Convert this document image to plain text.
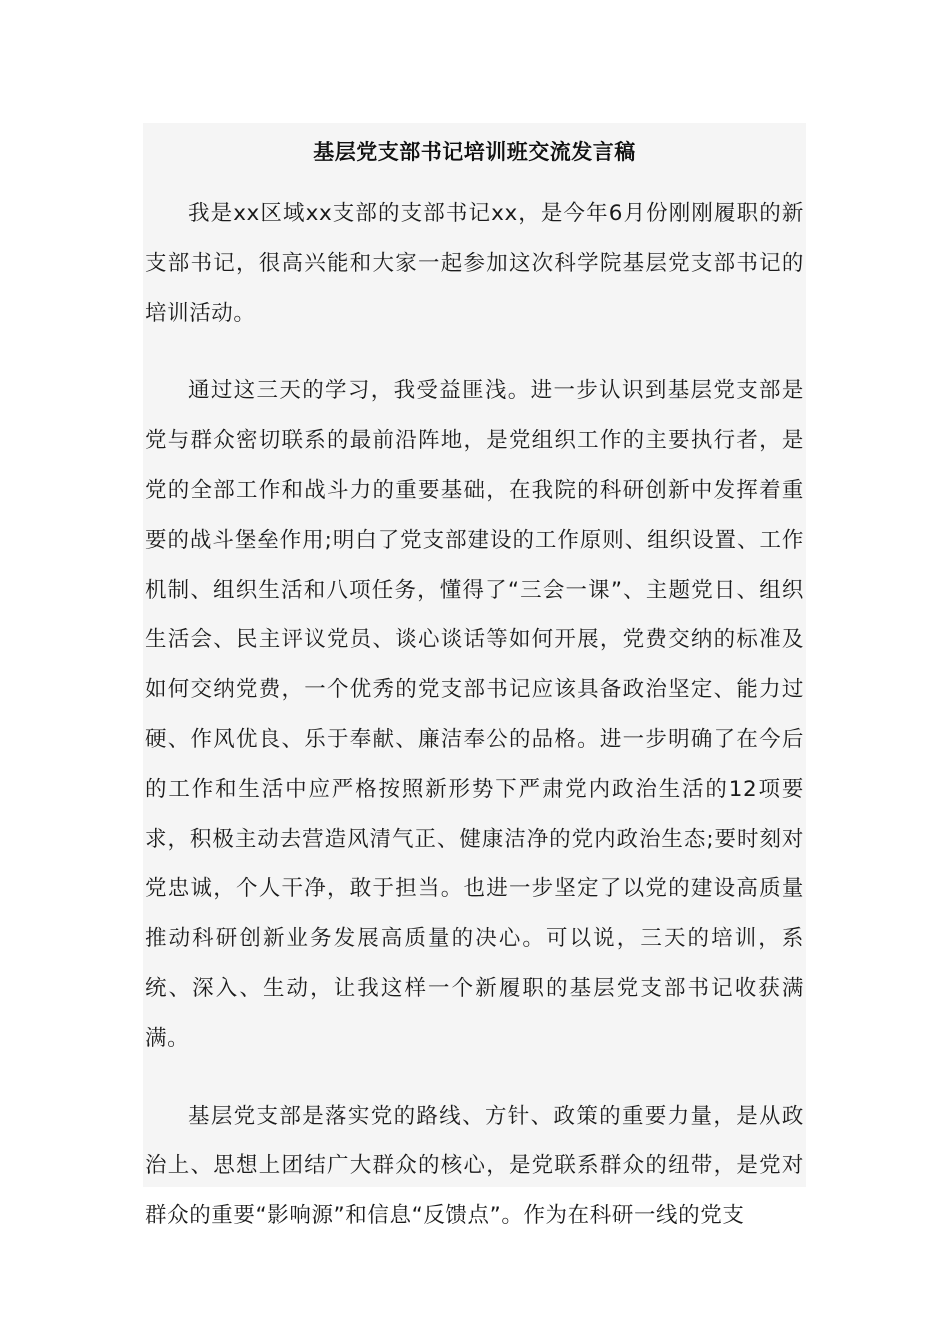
基层党支部书记培训班交流发言稿

我是xx区域xx支部的支部书记xx，是今年6月份刚刚履职的新支部书记，很高兴能和大家一起参加这次科学院基层党支部书记的培训活动。

通过这三天的学习，我受益匪浅。进一步认识到基层党支部是党与群众密切联系的最前沿阵地，是党组织工作的主要执行者，是党的全部工作和战斗力的重要基础，在我院的科研创新中发挥着重要的战斗堡垒作用;明白了党支部建设的工作原则、组织设置、工作机制、组织生活和八项任务，懂得了“三会一课”、主题党日、组织生活会、民主评议党员、谈心谈话等如何开展，党费交纳的标准及如何交纳党费，一个优秀的党支部书记应该具备政治坚定、能力过硬、作风优良、乐于奉献、廉洁奉公的品格。进一步明确了在今后的工作和生活中应严格按照新形势下严肃党内政治生活的12项要求，积极主动去营造风清气正、健康洁净的党内政治生态;要时刻对党忠诚，个人干净，敢于担当。也进一步坚定了以党的建设高质量推动科研创新业务发展高质量的决心。可以说，三天的培训，系统、深入、生动，让我这样一个新履职的基层党支部书记收获满满。

基层党支部是落实党的路线、方针、政策的重要力量，是从政治上、思想上团结广大群众的核心，是党联系群众的纽带，是党对群众的重要“影响源”和信息“反馈点”。作为在科研一线的党支
